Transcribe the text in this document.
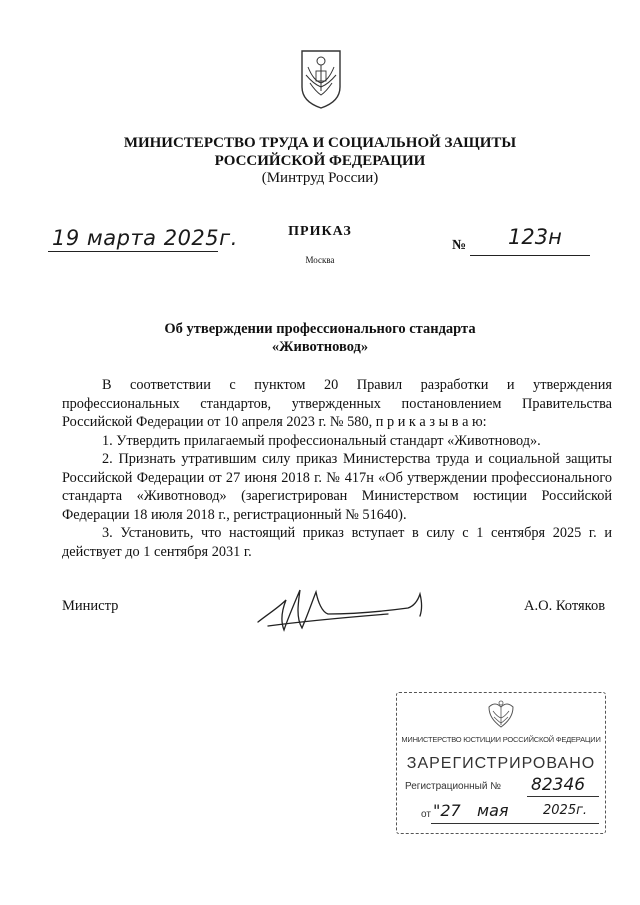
МИНИСТЕРСТВО ТРУДА И СОЦИАЛЬНОЙ ЗАЩИТЫ
РОССИЙСКОЙ ФЕДЕРАЦИИ
(Минтруд России)
ПРИКАЗ
Москва
19 марта 2025г.	№ 123н
Об утверждении профессионального стандарта
«Животновод»

В соответствии с пунктом 20 Правил разработки и утверждения профессиональных стандартов, утвержденных постановлением Правительства Российской Федерации от 10 апреля 2023 г. № 580, п р и к а з ы в а ю:

1. Утвердить прилагаемый профессиональный стандарт «Животновод».

2. Признать утратившим силу приказ Министерства труда и социальной защиты Российской Федерации от 27 июня 2018 г. № 417н «Об утверждении профессионального стандарта «Животновод» (зарегистрирован Министерством юстиции Российской Федерации 18 июля 2018 г., регистрационный № 51640).

3. Установить, что настоящий приказ вступает в силу с 1 сентября 2025 г. и действует до 1 сентября 2031 г.

Министр	А.О. Котяков
МИНИСТЕРСТВО ЮСТИЦИИ РОССИЙСКОЙ ФЕДЕРАЦИИ
ЗАРЕГИСТРИРОВАНО
Регистрационный № 82346
от "27 мая	2025г.
